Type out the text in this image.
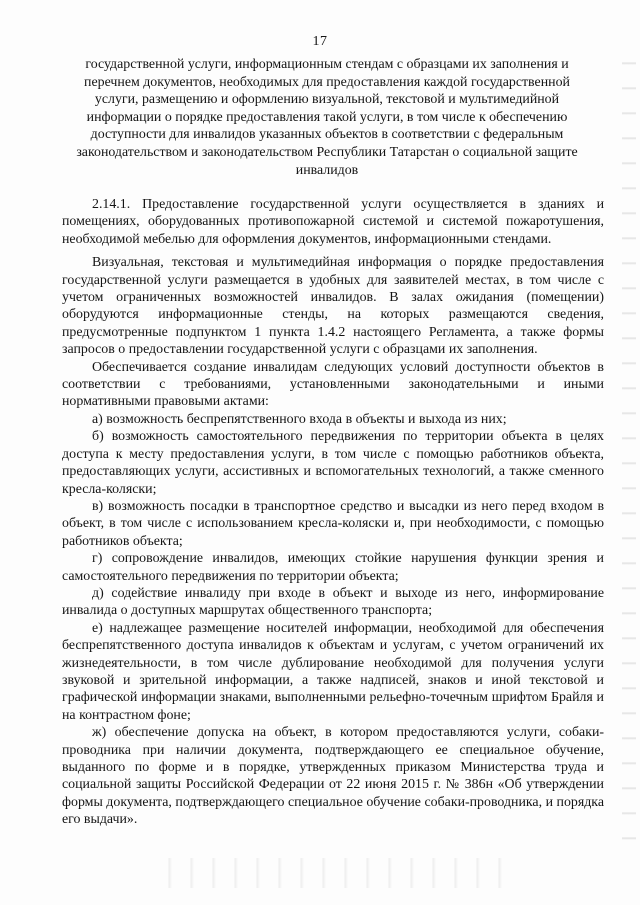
17

государственной услуги, информационным стендам с образцами их заполнения и

перечнем документов, необходимых для предоставления каждой государственной

услуги, размещению и оформлению визуальной, текстовой и мультимедийной

информации о порядке предоставления такой услуги, в том числе к обеспечению

доступности для инвалидов указанных объектов в соответствии с федеральным

законодательством и законодательством Республики Татарстан о социальной защите

инвалидов

2.14.1. Предоставление государственной услуги осуществляется в зданиях и помещениях, оборудованных противопожарной системой и системой пожаротушения, необходимой мебелью для оформления документов, информационными стендами.

Визуальная, текстовая и мультимедийная информация о порядке предоставления государственной услуги размещается в удобных для заявителей местах, в том числе с учетом ограниченных возможностей инвалидов. В залах ожидания (помещении) оборудуются информационные стенды, на которых размещаются сведения, предусмотренные подпунктом 1 пункта 1.4.2 настоящего Регламента, а также формы запросов о предоставлении государственной услуги с образцами их заполнения.

Обеспечивается создание инвалидам следующих условий доступности объектов в соответствии с требованиями, установленными законодательными и иными нормативными правовыми актами:

а) возможность беспрепятственного входа в объекты и выхода из них;

б) возможность самостоятельного передвижения по территории объекта в целях доступа к месту предоставления услуги, в том числе с помощью работников объекта, предоставляющих услуги, ассистивных и вспомогательных технологий, а также сменного кресла-коляски;

в) возможность посадки в транспортное средство и высадки из него перед входом в объект, в том числе с использованием кресла-коляски и, при необходимости, с помощью работников объекта;

г) сопровождение инвалидов, имеющих стойкие нарушения функции зрения и самостоятельного передвижения по территории объекта;

д) содействие инвалиду при входе в объект и выходе из него, информирование инвалида о доступных маршрутах общественного транспорта;

е) надлежащее размещение носителей информации, необходимой для обеспечения беспрепятственного доступа инвалидов к объектам и услугам, с учетом ограничений их жизнедеятельности, в том числе дублирование необходимой для получения услуги звуковой и зрительной информации, а также надписей, знаков и иной текстовой и графической информации знаками, выполненными рельефно-точечным шрифтом Брайля и на контрастном фоне;

ж) обеспечение допуска на объект, в котором предоставляются услуги, собаки-проводника при наличии документа, подтверждающего ее специальное обучение, выданного по форме и в порядке, утвержденных приказом Министерства труда и социальной защиты Российской Федерации от 22 июня 2015 г. № 386н «Об утверждении формы документа, подтверждающего специальное обучение собаки-проводника, и порядка его выдачи».
